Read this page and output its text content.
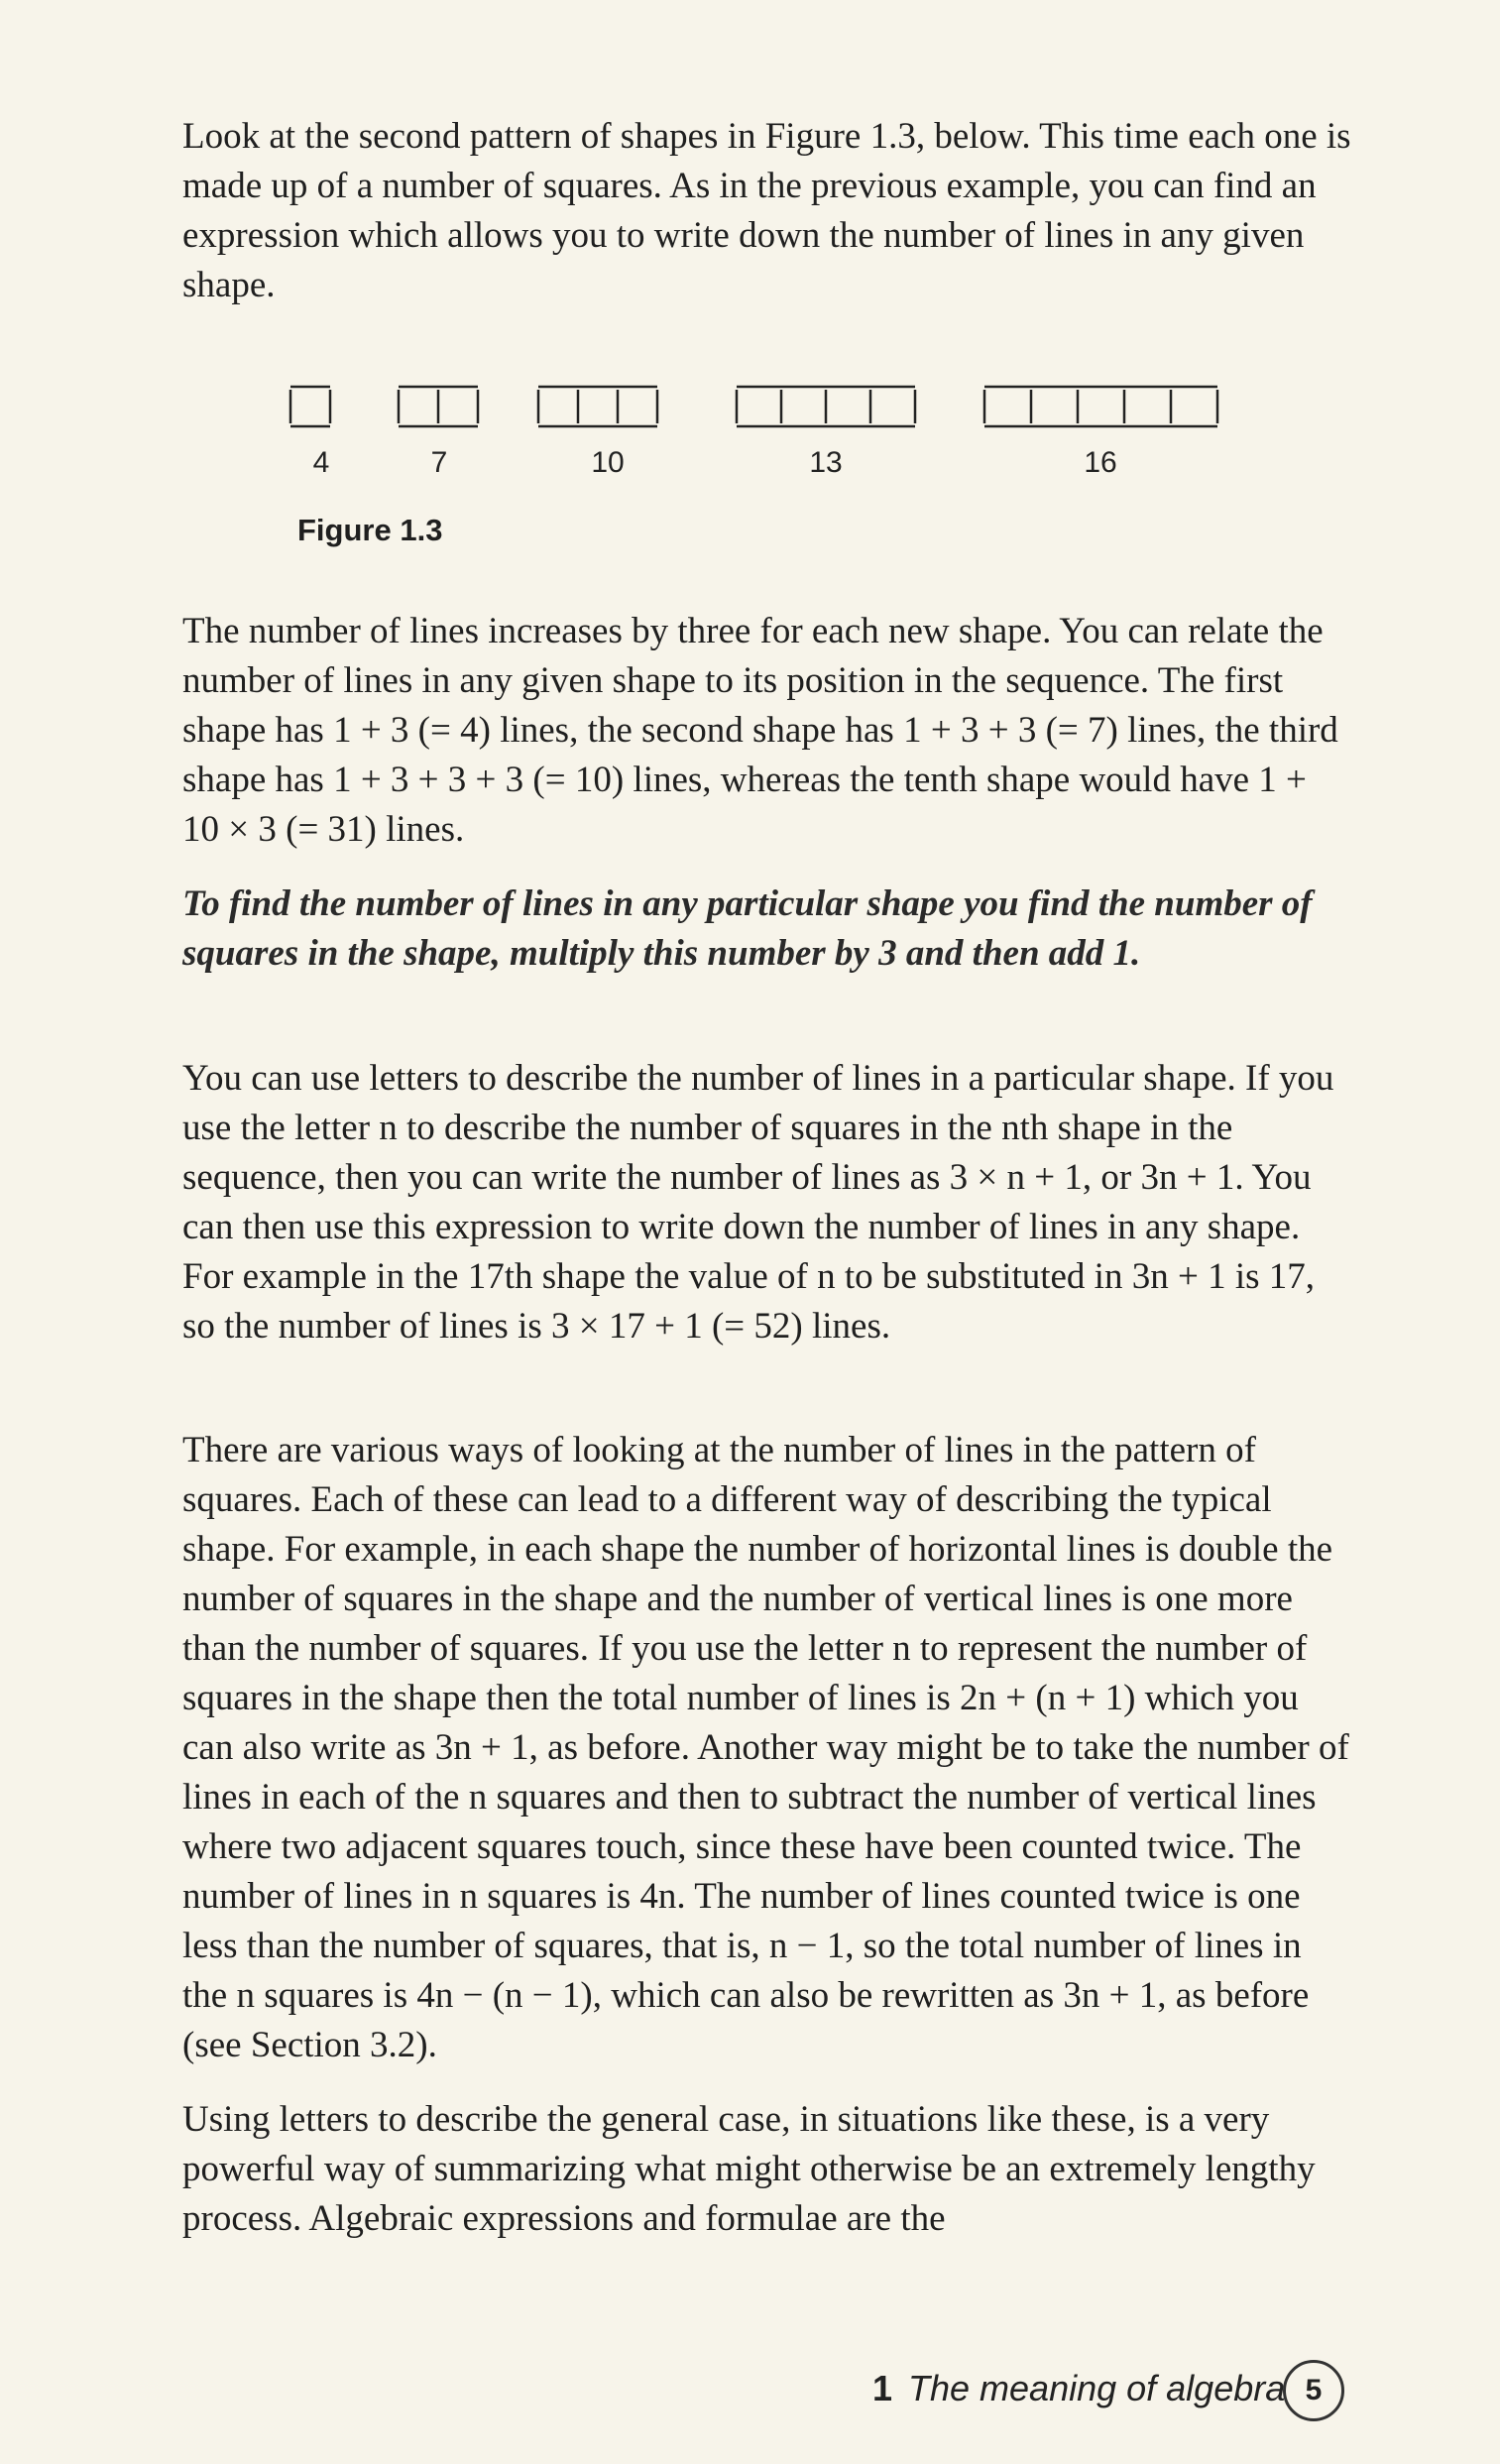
Look at the second pattern of shapes in Figure 1.3, below. This time each one is made up of a number of squares. As in the previous example, you can find an expression which allows you to write down the number of lines in any given shape.

4	7	10	13	16
Figure 1.3

The number of lines increases by three for each new shape. You can relate the number of lines in any given shape to its position in the sequence. The first shape has 1 + 3 (= 4) lines, the second shape has 1 + 3 + 3 (= 7) lines, the third shape has 1 + 3 + 3 + 3 (= 10) lines, whereas the tenth shape would have 1 + 10 × 3 (= 31) lines.

To find the number of lines in any particular shape you find the number of squares in the shape, multiply this number by 3 and then add 1.

You can use letters to describe the number of lines in a particular shape. If you use the letter n to describe the number of squares in the nth shape in the sequence, then you can write the number of lines as 3 × n + 1, or 3n + 1. You can then use this expression to write down the number of lines in any shape. For example in the 17th shape the value of n to be substituted in 3n + 1 is 17, so the number of lines is 3 × 17 + 1 (= 52) lines.

There are various ways of looking at the number of lines in the pattern of squares. Each of these can lead to a different way of describing the typical shape. For example, in each shape the number of horizontal lines is double the number of squares in the shape and the number of vertical lines is one more than the number of squares. If you use the letter n to represent the number of squares in the shape then the total number of lines is 2n + (n + 1) which you can also write as 3n + 1, as before. Another way might be to take the number of lines in each of the n squares and then to subtract the number of vertical lines where two adjacent squares touch, since these have been counted twice. The number of lines in n squares is 4n. The number of lines counted twice is one less than the number of squares, that is, n − 1, so the total number of lines in the n squares is 4n − (n − 1), which can also be rewritten as 3n + 1, as before (see Section 3.2).

Using letters to describe the general case, in situations like these, is a very powerful way of summarizing what might otherwise be an extremely lengthy process. Algebraic expressions and formulae are the

1 The meaning of algebra 5
